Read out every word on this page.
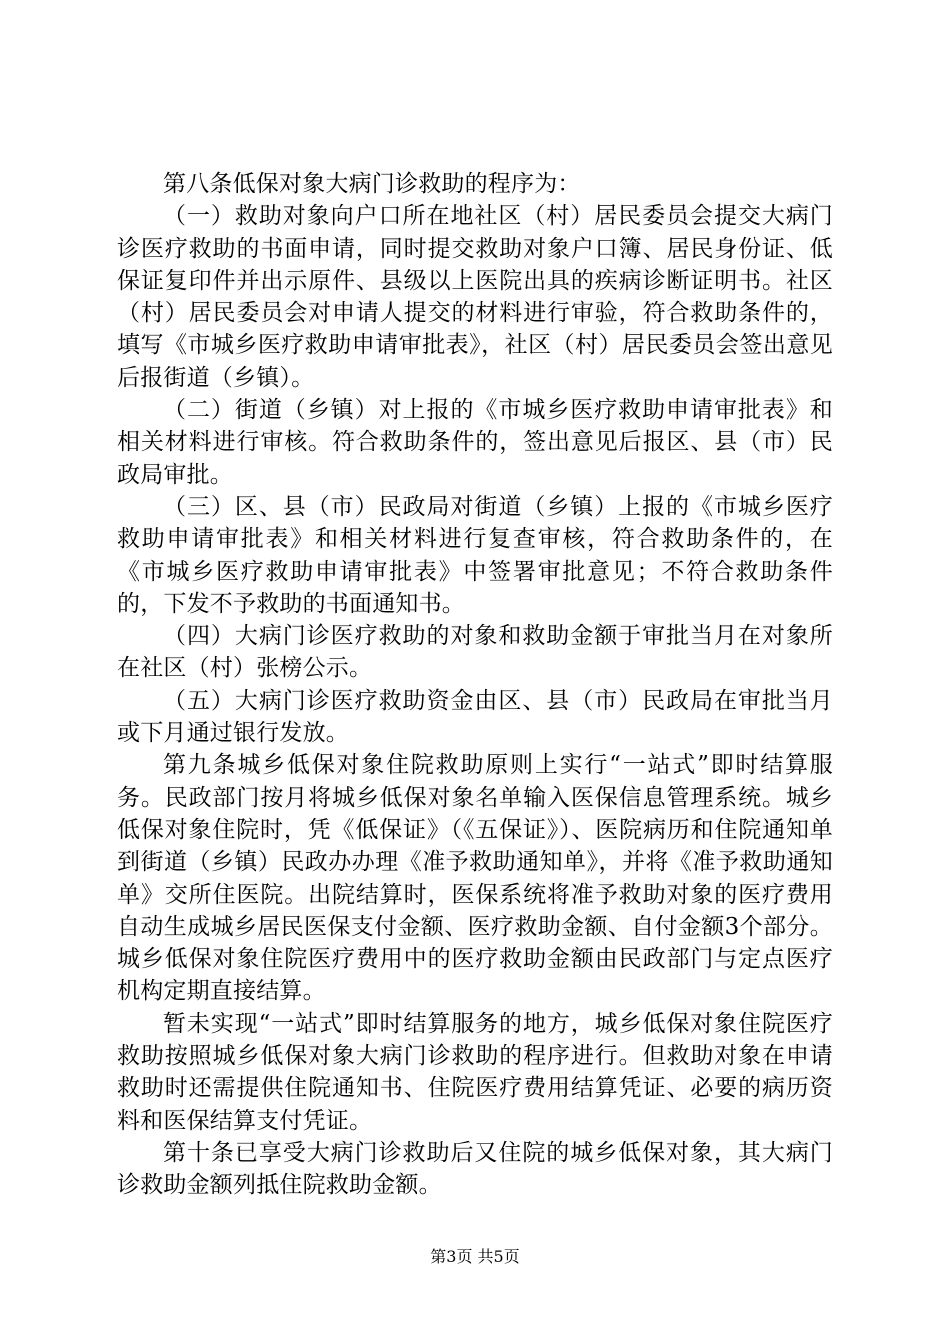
第八条低保对象大病门诊救助的程序为：

（一）救助对象向户口所在地社区（村）居民委员会提交大病门诊医疗救助的书面申请，同时提交救助对象户口簿、居民身份证、低保证复印件并出示原件、县级以上医院出具的疾病诊断证明书。社区（村）居民委员会对申请人提交的材料进行审验，符合救助条件的，填写《市城乡医疗救助申请审批表》，社区（村）居民委员会签出意见后报街道（乡镇）。

（二）街道（乡镇）对上报的《市城乡医疗救助申请审批表》和相关材料进行审核。符合救助条件的，签出意见后报区、县（市）民政局审批。

（三）区、县（市）民政局对街道（乡镇）上报的《市城乡医疗救助申请审批表》和相关材料进行复查审核，符合救助条件的，在《市城乡医疗救助申请审批表》中签署审批意见；不符合救助条件的，下发不予救助的书面通知书。

（四）大病门诊医疗救助的对象和救助金额于审批当月在对象所在社区（村）张榜公示。

（五）大病门诊医疗救助资金由区、县（市）民政局在审批当月或下月通过银行发放。

第九条城乡低保对象住院救助原则上实行“一站式”即时结算服务。民政部门按月将城乡低保对象名单输入医保信息管理系统。城乡低保对象住院时，凭《低保证》（《五保证》）、医院病历和住院通知单到街道（乡镇）民政办办理《准予救助通知单》，并将《准予救助通知单》交所住医院。出院结算时，医保系统将准予救助对象的医疗费用自动生成城乡居民医保支付金额、医疗救助金额、自付金额3个部分。城乡低保对象住院医疗费用中的医疗救助金额由民政部门与定点医疗机构定期直接结算。

暂未实现“一站式”即时结算服务的地方，城乡低保对象住院医疗救助按照城乡低保对象大病门诊救助的程序进行。但救助对象在申请救助时还需提供住院通知书、住院医疗费用结算凭证、必要的病历资料和医保结算支付凭证。

第十条已享受大病门诊救助后又住院的城乡低保对象，其大病门诊救助金额列抵住院救助金额。

第3页 共5页
